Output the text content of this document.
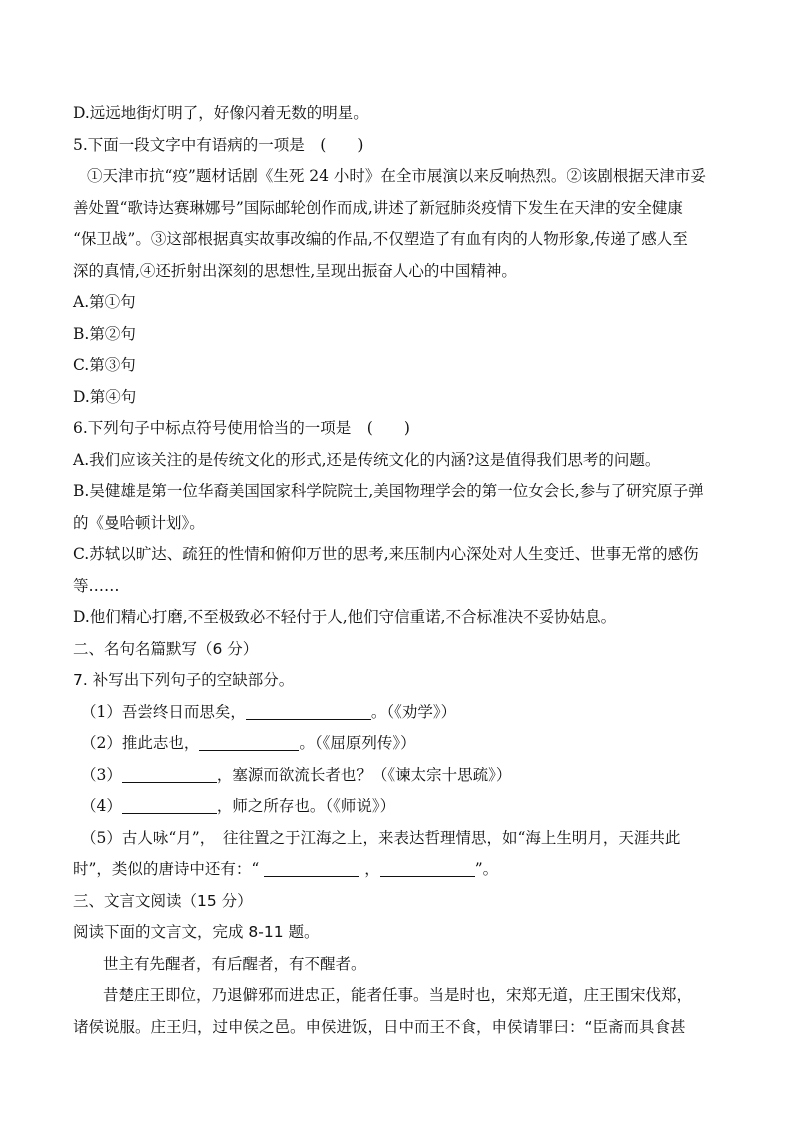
D.远远地街灯明了，好像闪着无数的明星。
5.下面一段文字中有语病的一项是　(　　)
①天津市抗“疫”题材话剧《生死 24 小时》在全市展演以来反响热烈。②该剧根据天津市妥
善处置“歌诗达赛琳娜号”国际邮轮创作而成,讲述了新冠肺炎疫情下发生在天津的安全健康
“保卫战”。③这部根据真实故事改编的作品,不仅塑造了有血有肉的人物形象,传递了感人至
深的真情,④还折射出深刻的思想性,呈现出振奋人心的中国精神。
A.第①句
B.第②句
C.第③句
D.第④句
6.下列句子中标点符号使用恰当的一项是　(　　)
A.我们应该关注的是传统文化的形式,还是传统文化的内涵?这是值得我们思考的问题。
B.吴健雄是第一位华裔美国国家科学院院士,美国物理学会的第一位女会长,参与了研究原子弹
的《曼哈顿计划》。
C.苏轼以旷达、疏狂的性情和俯仰万世的思考,来压制内心深处对人生变迁、世事无常的感伤
等……
D.他们精心打磨,不至极致必不轻付于人,他们守信重诺,不合标准决不妥协姑息。
二、名句名篇默写（6 分）
7. 补写出下列句子的空缺部分。
（1）吾尝终日而思矣，	。（《劝学》）
（2）推此志也，	。（《屈原列传》）
（3）	，塞源而欲流长者也？（《谏太宗十思疏》）
（4）	，师之所存也。（《师说》）
（5）古人咏“月”，　往往置之于江海之上，来表达哲理情思，如“海上生明月，天涯共此
时”，类似的唐诗中还有：“	，	”。
三、文言文阅读（15 分）
阅读下面的文言文，完成 8-11 题。
世主有先醒者，有后醒者，有不醒者。
昔楚庄王即位，乃退僻邪而进忠正，能者任事。当是时也，宋郑无道，庄王围宋伐郑，
诸侯说服。庄王归，过申侯之邑。申侯进饭，日中而王不食，申侯请罪曰：“臣斋而具食甚
